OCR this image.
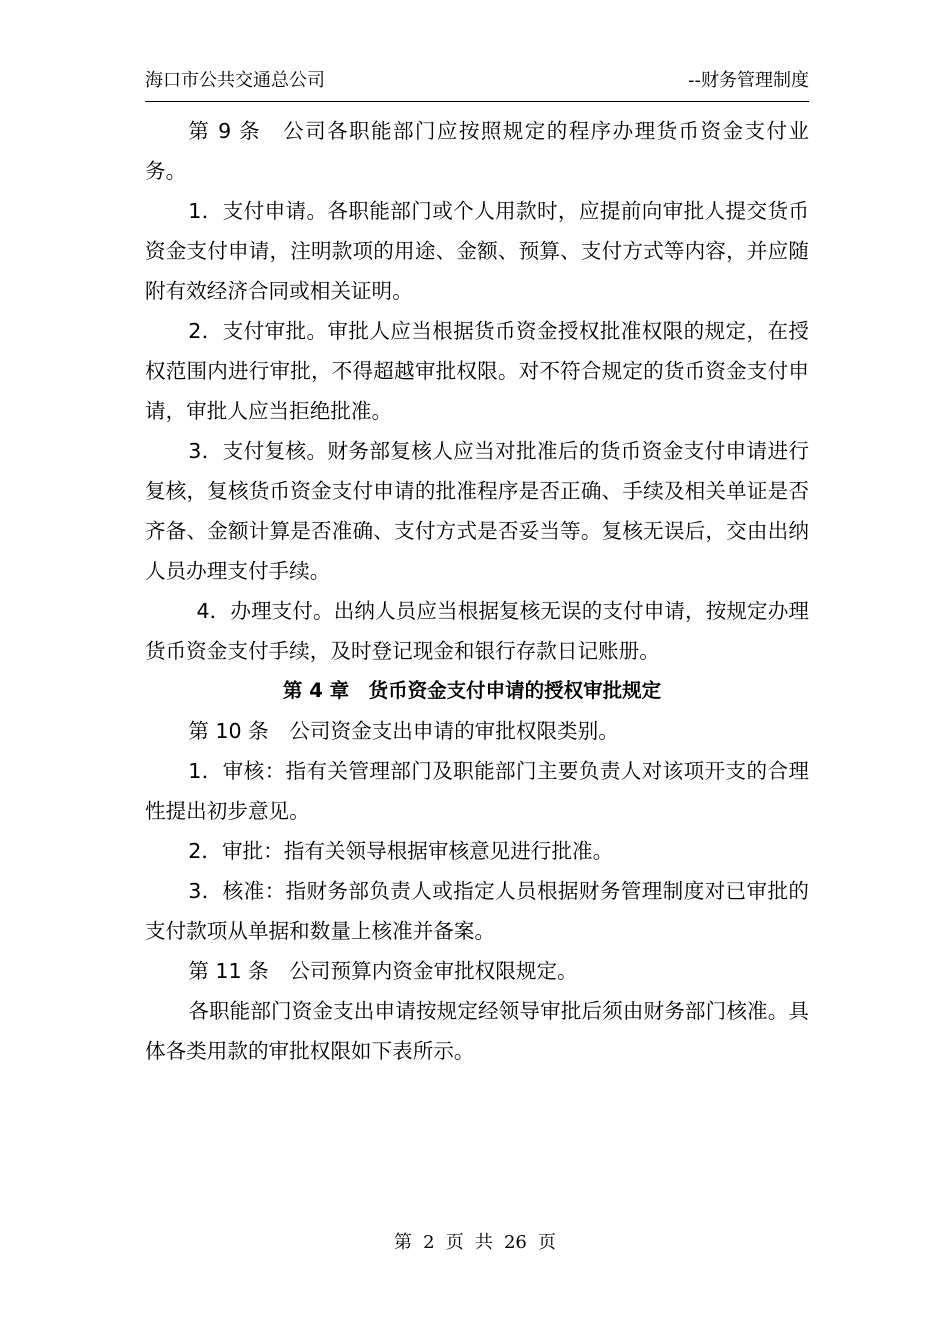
海口市公共交通总公司	--财务管理制度

第 9 条　公司各职能部门应按照规定的程序办理货币资金支付业务。

1．支付申请。各职能部门或个人用款时，应提前向审批人提交货币资金支付申请，注明款项的用途、金额、预算、支付方式等内容，并应随附有效经济合同或相关证明。

2．支付审批。审批人应当根据货币资金授权批准权限的规定，在授权范围内进行审批，不得超越审批权限。对不符合规定的货币资金支付申请，审批人应当拒绝批准。

3．支付复核。财务部复核人应当对批准后的货币资金支付申请进行复核，复核货币资金支付申请的批准程序是否正确、手续及相关单证是否齐备、金额计算是否准确、支付方式是否妥当等。复核无误后，交由出纳人员办理支付手续。

4．办理支付。出纳人员应当根据复核无误的支付申请，按规定办理货币资金支付手续，及时登记现金和银行存款日记账册。

第 4 章　货币资金支付申请的授权审批规定

第 10 条　公司资金支出申请的审批权限类别。

1．审核：指有关管理部门及职能部门主要负责人对该项开支的合理性提出初步意见。

2．审批：指有关领导根据审核意见进行批准。

3．核准：指财务部负责人或指定人员根据财务管理制度对已审批的支付款项从单据和数量上核准并备案。

第 11 条　公司预算内资金审批权限规定。

各职能部门资金支出申请按规定经领导审批后须由财务部门核准。具体各类用款的审批权限如下表所示。

第 2 页 共 26 页
